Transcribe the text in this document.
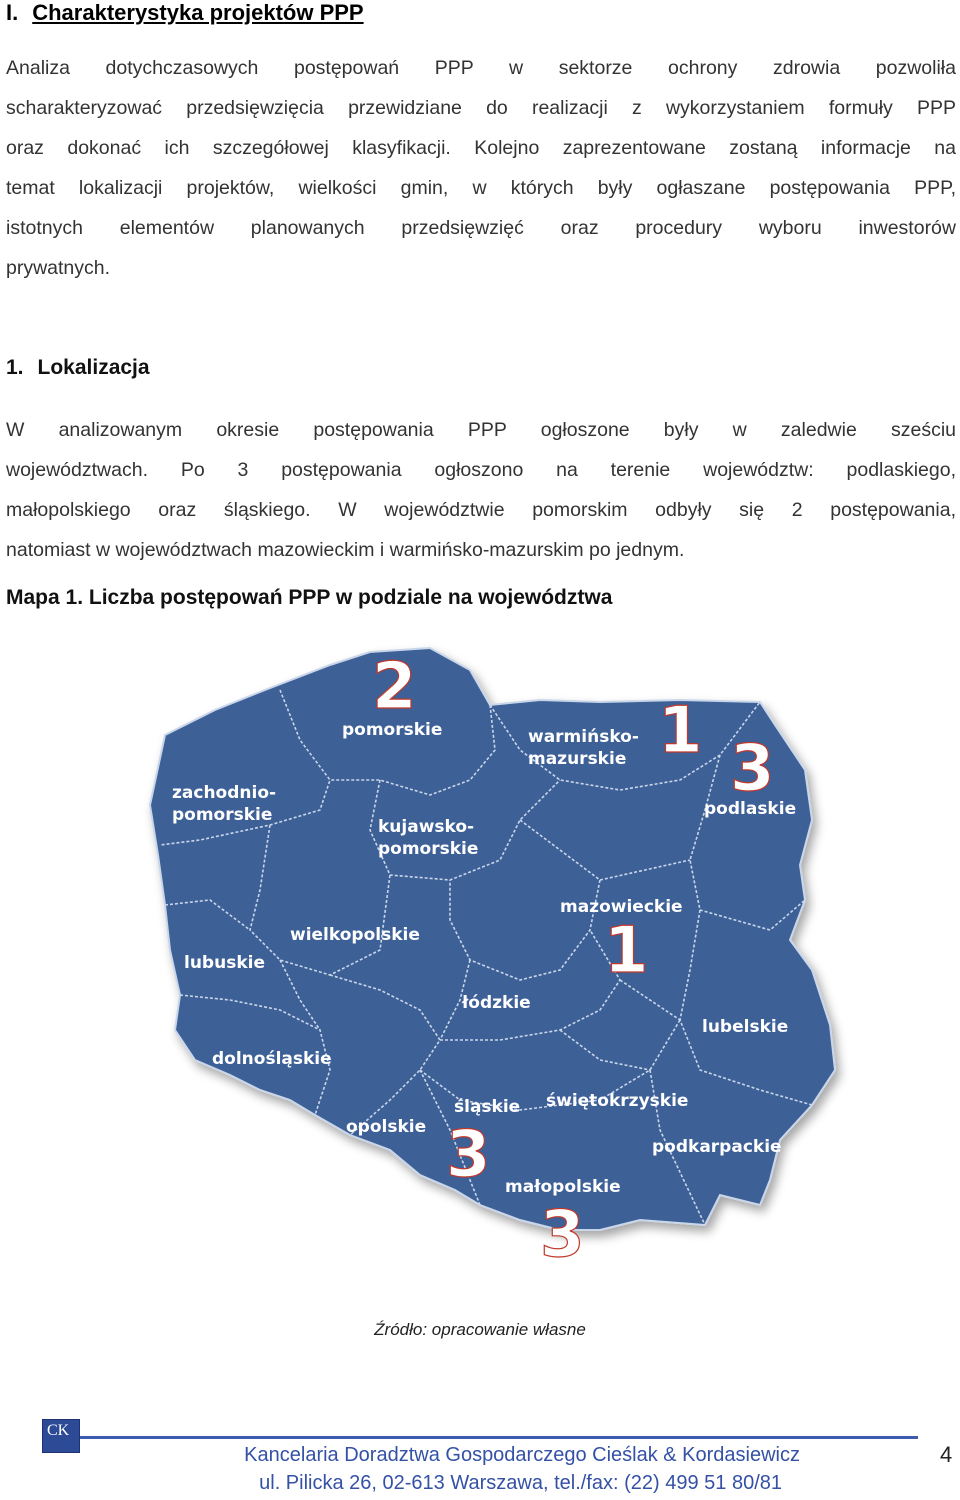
I. Charakterystyka projektów PPP
Analiza dotychczasowych postępowań PPP w sektorze ochrony zdrowia pozwoliła
scharakteryzować przedsięwzięcia przewidziane do realizacji z wykorzystaniem formuły PPP
oraz dokonać ich szczegółowej klasyfikacji. Kolejno zaprezentowane zostaną informacje na
temat lokalizacji projektów, wielkości gmin, w których były ogłaszane postępowania PPP,
istotnych elementów planowanych przedsięwzięć oraz procedury wyboru inwestorów
prywatnych.
1. Lokalizacja
W analizowanym okresie postępowania PPP ogłoszone były w zaledwie sześciu
województwach. Po 3 postępowania ogłoszono na terenie województw: podlaskiego,
małopolskiego oraz śląskiego. W województwie pomorskim odbyły się 2 postępowania,
natomiast w województwach mazowieckim i warmińsko-mazurskim po jednym.
Mapa 1. Liczba postępowań PPP w podziale na województwa
zachodnio-pomorskie
pomorskie	warmińsko-mazurskie
podlaskie
kujawsko-pomorskie
wielkopolskie
lubuskie
mazowieckie
łódzkie
lubelskie
dolnośląskie
śląskie świętokrzyskie
opolskie
podkarpackie
małopolskie
2
1
3
1
3
3
Źródło: opracowanie własne
CK
Kancelaria Doradztwa Gospodarczego Cieślak & Kordasiewicz
ul. Pilicka 26, 02-613 Warszawa, tel./fax: (22) 499 51 80/81
4
